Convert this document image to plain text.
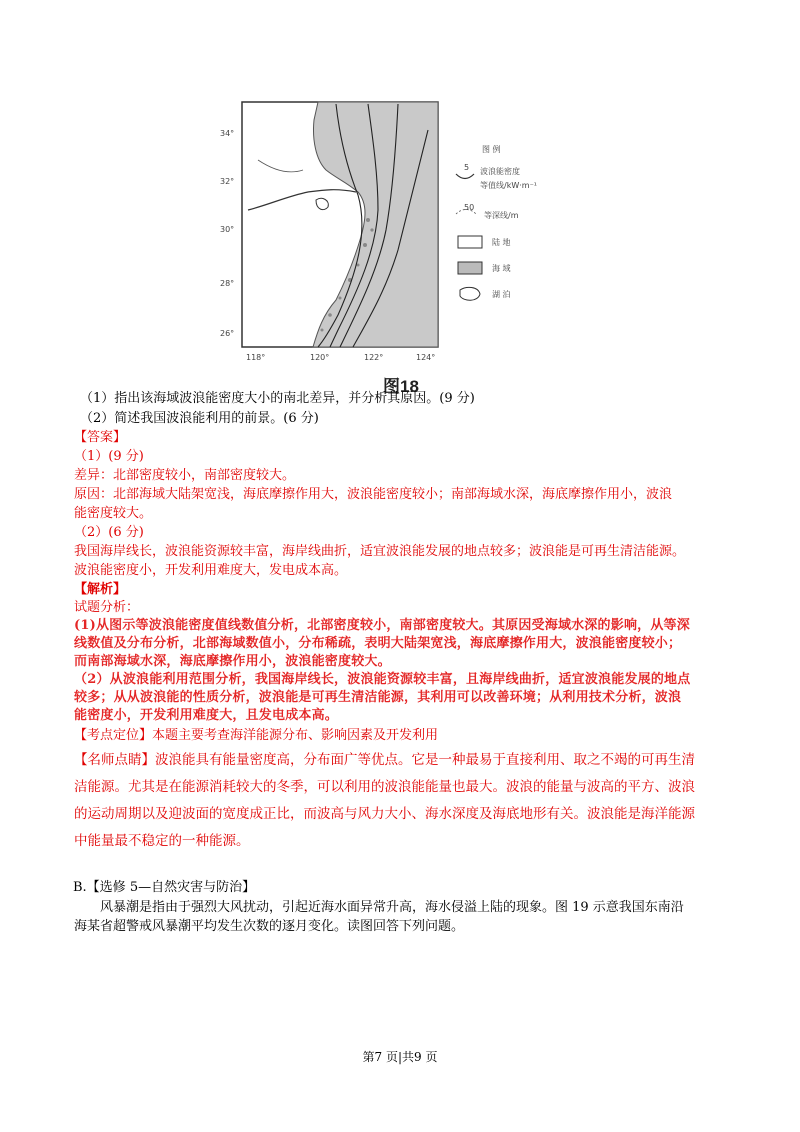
34°
32°
30°
28°
26°
118°	120°	122°	124°
图 例
5 波浪能密度
等值线/kW·m⁻¹
50
等深线/m
陆 地
海 域
湖 泊
图18
（1）指出该海域波浪能密度大小的南北差异，并分析其原因。(9 分)
（2）简述我国波浪能利用的前景。(6 分)
【答案】
（1）(9 分)
差异：北部密度较小，南部密度较大。
原因：北部海域大陆架宽浅，海底摩擦作用大，波浪能密度较小；南部海域水深，海底摩擦作用小，波浪
能密度较大。
（2）(6 分)
我国海岸线长，波浪能资源较丰富，海岸线曲折，适宜波浪能发展的地点较多；波浪能是可再生清洁能源。
波浪能密度小，开发利用难度大，发电成本高。
【解析】
试题分析：
(1)从图示等波浪能密度值线数值分析，北部密度较小，南部密度较大。其原因受海域水深的影响，从等深
线数值及分布分析，北部海域数值小，分布稀疏，表明大陆架宽浅，海底摩擦作用大，波浪能密度较小；
而南部海域水深，海底摩擦作用小，波浪能密度较大。
（2）从波浪能利用范围分析，我国海岸线长，波浪能资源较丰富，且海岸线曲折，适宜波浪能发展的地点
较多；从从波浪能的性质分析，波浪能是可再生清洁能源，其利用可以改善环境；从利用技术分析，波浪
能密度小，开发利用难度大，且发电成本高。
【考点定位】本题主要考查海洋能源分布、影响因素及开发利用
【名师点睛】波浪能具有能量密度高，分布面广等优点。它是一种最易于直接利用、取之不竭的可再生清
洁能源。尤其是在能源消耗较大的冬季，可以利用的波浪能能量也最大。波浪的能量与波高的平方、波浪
的运动周期以及迎波面的宽度成正比，而波高与风力大小、海水深度及海底地形有关。波浪能是海洋能源
中能量最不稳定的一种能源。
B.【选修 5—自然灾害与防治】
风暴潮是指由于强烈大风扰动，引起近海水面异常升高，海水侵溢上陆的现象。图 19 示意我国东南沿
海某省超警戒风暴潮平均发生次数的逐月变化。读图回答下列问题。
第7 页|共9 页
